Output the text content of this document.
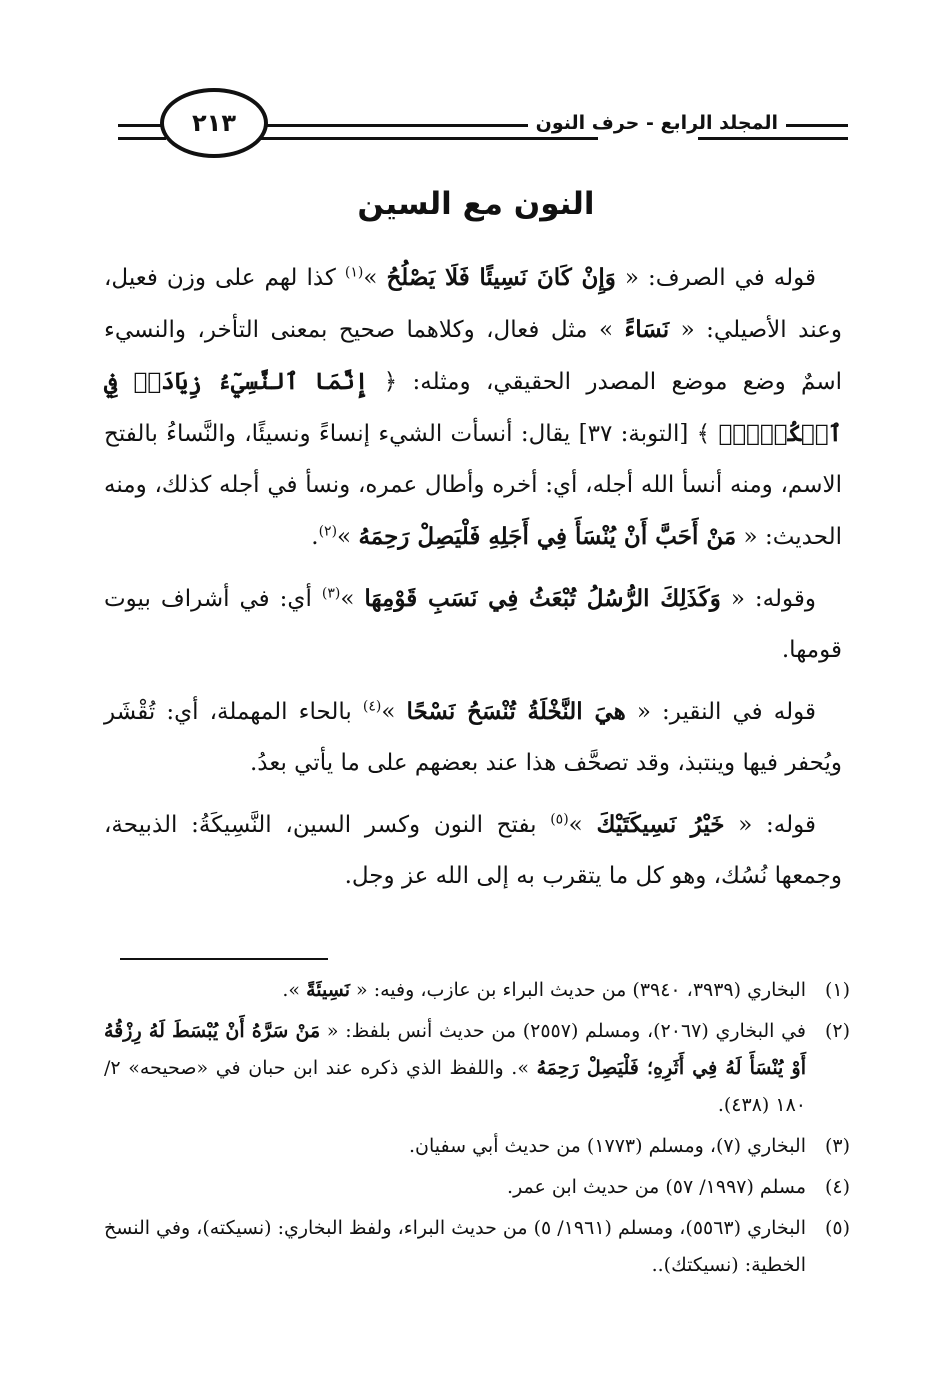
المجلد الرابع - حرف النون
٢١٣
النون مع السين

قوله في الصرف: « وَإِنْ كَانَ نَسِيئًا فَلَا يَصْلُحُ »$^{(١)}$ كذا لهم على وزن فعيل، وعند الأصيلي: « نَسَاءً » مثل فعال، وكلاهما صحيح بمعنى التأخر، والنسيء اسمٌ وضع موضع المصدر الحقيقي، ومثله: ﴿ إِنَّمَا ٱلنَّسِيٓءُ زِيَادَةٞ فِي ٱلۡكُفۡرِۖ ﴾ [التوبة: ٣٧] يقال: أنسأت الشيء إنساءً ونسيئًا، والنَّساءُ بالفتح الاسم، ومنه أنسأ الله أجله، أي: أخره وأطال عمره، ونسأ في أجله كذلك، ومنه الحديث: « مَنْ أَحَبَّ أَنْ يُنْسَأَ فِي أَجَلِهِ فَلْيَصِلْ رَحِمَهُ »$^{(٢)}$.

وقوله: « وَكَذَلِكَ الرُّسُلُ تُبْعَثُ فِي نَسَبِ قَوْمِهَا »$^{(٣)}$ أي: في أشراف بيوت قومها.

قوله في النقير: « هيَ النَّخْلَةُ تُنْسَحُ نَسْحًا »$^{(٤)}$ بالحاء المهملة، أي: تُقْشَر ويُحفر فيها وينتبذ، وقد تصحَّف هذا عند بعضهم على ما يأتي بعدُ.

قوله: « خَيْرُ نَسِيكَتَيْكَ »$^{(٥)}$ بفتح النون وكسر السين، النَّسِيكَةُ: الذبيحة، وجمعها نُسُك، وهو كل ما يتقرب به إلى الله عز وجل.

(١)
البخاري (٣٩٣٩، ٣٩٤٠) من حديث البراء بن عازب، وفيه: « نَسِيئَةً ».
(٢)
في البخاري (٢٠٦٧)، ومسلم (٢٥٥٧) من حديث أنس بلفظ: « مَنْ سَرَّهُ أَنْ يُبْسَطَ لَهُ رِزْقُهُ أَوْ يُنْسَأَ لَهُ فِي أَثَرِهِ؛ فَلْيَصِلْ رَحِمَهُ ». واللفظ الذي ذكره عند ابن حبان في «صحيحه» ٢/ ١٨٠ (٤٣٨).
(٣)
البخاري (٧)، ومسلم (١٧٧٣) من حديث أبي سفيان.
(٤)
مسلم (١٩٩٧/ ٥٧) من حديث ابن عمر.
(٥)
البخاري (٥٥٦٣)، ومسلم (١٩٦١/ ٥) من حديث البراء، ولفظ البخاري: (نسيكته)، وفي النسخ الخطية: (نسيكتك)..
